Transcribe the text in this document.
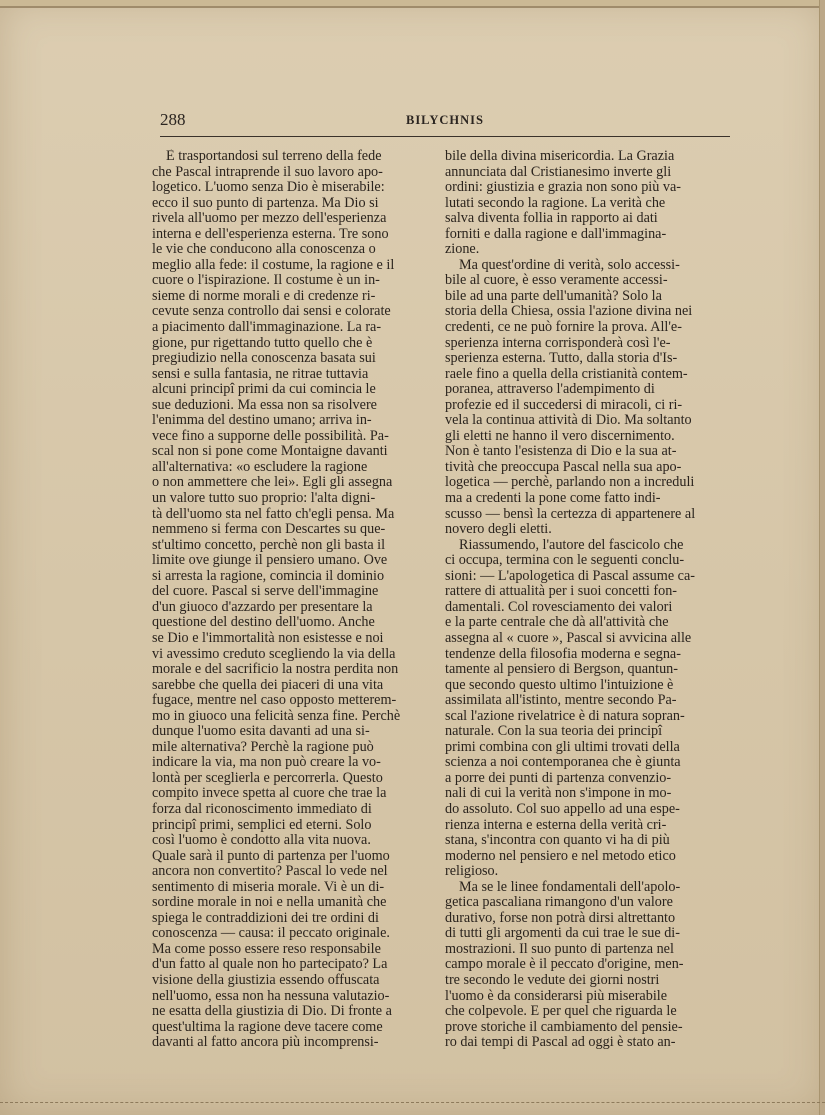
288	BILYCHNIS
È trasportandosi sul terreno della fede
che Pascal intraprende il suo lavoro apo-
logetico. L'uomo senza Dio è miserabile:
ecco il suo punto di partenza. Ma Dio si
rivela all'uomo per mezzo dell'esperienza
interna e dell'esperienza esterna. Tre sono
le vie che conducono alla conoscenza o
meglio alla fede: il costume, la ragione e il
cuore o l'ispirazione. Il costume è un in-
sieme di norme morali e di credenze ri-
cevute senza controllo dai sensi e colorate
a piacimento dall'immaginazione. La ra-
gione, pur rigettando tutto quello che è
pregiudizio nella conoscenza basata sui
sensi e sulla fantasia, ne ritrae tuttavia
alcuni principî primi da cui comincia le
sue deduzioni. Ma essa non sa risolvere
l'enimma del destino umano; arriva in-
vece fino a supporne delle possibilità. Pa-
scal non si pone come Montaigne davanti
all'alternativa: «o escludere la ragione
o non ammettere che lei». Egli gli assegna
un valore tutto suo proprio: l'alta digni-
tà dell'uomo sta nel fatto ch'egli pensa. Ma
nemmeno si ferma con Descartes su que-
st'ultimo concetto, perchè non gli basta il
limite ove giunge il pensiero umano. Ove
si arresta la ragione, comincia il dominio
del cuore. Pascal si serve dell'immagine
d'un giuoco d'azzardo per presentare la
questione del destino dell'uomo. Anche
se Dio e l'immortalità non esistesse e noi
vi avessimo creduto scegliendo la via della
morale e del sacrificio la nostra perdita non
sarebbe che quella dei piaceri di una vita
fugace, mentre nel caso opposto metterem-
mo in giuoco una felicità senza fine. Perchè
dunque l'uomo esita davanti ad una si-
mile alternativa? Perchè la ragione può
indicare la via, ma non può creare la vo-
lontà per sceglierla e percorrerla. Questo
compito invece spetta al cuore che trae la
forza dal riconoscimento immediato di
principî primi, semplici ed eterni. Solo
così l'uomo è condotto alla vita nuova.
Quale sarà il punto di partenza per l'uomo
ancora non convertito? Pascal lo vede nel
sentimento di miseria morale. Vi è un di-
sordine morale in noi e nella umanità che
spiega le contraddizioni dei tre ordini di
conoscenza — causa: il peccato originale.
Ma come posso essere reso responsabile
d'un fatto al quale non ho partecipato? La
visione della giustizia essendo offuscata
nell'uomo, essa non ha nessuna valutazio-
ne esatta della giustizia di Dio. Di fronte a
quest'ultima la ragione deve tacere come
davanti al fatto ancora più incomprensi-
bile della divina misericordia. La Grazia
annunciata dal Cristianesimo inverte gli
ordini: giustizia e grazia non sono più va-
lutati secondo la ragione. La verità che
salva diventa follia in rapporto ai dati
forniti e dalla ragione e dall'immagina-
zione.
Ma quest'ordine di verità, solo accessi-
bile al cuore, è esso veramente accessi-
bile ad una parte dell'umanità? Solo la
storia della Chiesa, ossia l'azione divina nei
credenti, ce ne può fornire la prova. All'e-
sperienza interna corrisponderà così l'e-
sperienza esterna. Tutto, dalla storia d'Is-
raele fino a quella della cristianità contem-
poranea, attraverso l'adempimento di
profezie ed il succedersi di miracoli, ci ri-
vela la continua attività di Dio. Ma soltanto
gli eletti ne hanno il vero discernimento.
Non è tanto l'esistenza di Dio e la sua at-
tività che preoccupa Pascal nella sua apo-
logetica — perchè, parlando non a increduli
ma a credenti la pone come fatto indi-
scusso — bensì la certezza di appartenere al
novero degli eletti.
Riassumendo, l'autore del fascicolo che
ci occupa, termina con le seguenti conclu-
sioni: — L'apologetica di Pascal assume ca-
rattere di attualità per i suoi concetti fon-
damentali. Col rovesciamento dei valori
e la parte centrale che dà all'attività che
assegna al « cuore », Pascal si avvicina alle
tendenze della filosofia moderna e segna-
tamente al pensiero di Bergson, quantun-
que secondo questo ultimo l'intuizione è
assimilata all'istinto, mentre secondo Pa-
scal l'azione rivelatrice è di natura sopran-
naturale. Con la sua teoria dei principî
primi combina con gli ultimi trovati della
scienza a noi contemporanea che è giunta
a porre dei punti di partenza convenzio-
nali di cui la verità non s'impone in mo-
do assoluto. Col suo appello ad una espe-
rienza interna e esterna della verità cri-
stana, s'incontra con quanto vi ha di più
moderno nel pensiero e nel metodo etico
religioso.
Ma se le linee fondamentali dell'apolo-
getica pascaliana rimangono d'un valore
durativo, forse non potrà dirsi altrettanto
di tutti gli argomenti da cui trae le sue di-
mostrazioni. Il suo punto di partenza nel
campo morale è il peccato d'origine, men-
tre secondo le vedute dei giorni nostri
l'uomo è da considerarsi più miserabile
che colpevole. E per quel che riguarda le
prove storiche il cambiamento del pensie-
ro dai tempi di Pascal ad oggi è stato an-
